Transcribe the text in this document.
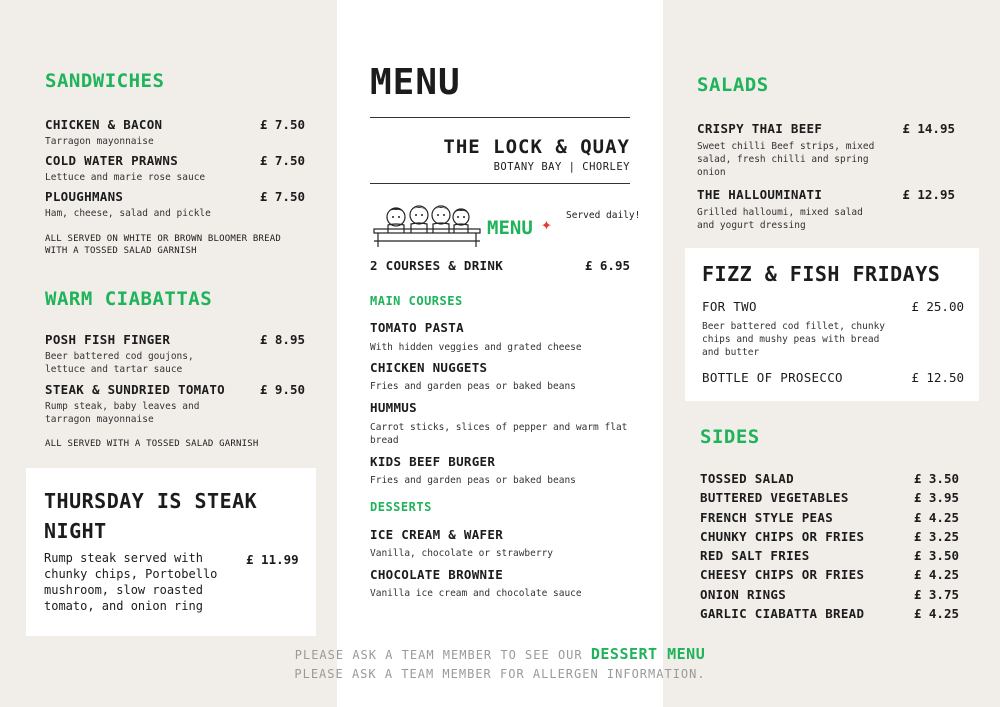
SANDWICHES
CHICKEN & BACON	£ 7.50
Tarragon mayonnaise
COLD WATER PRAWNS	£ 7.50
Lettuce and marie rose sauce
PLOUGHMANS	£ 7.50
Ham, cheese, salad and pickle
ALL SERVED ON WHITE OR BROWN BLOOMER BREAD WITH A TOSSED SALAD GARNISH
WARM CIABATTAS
POSH FISH FINGER	£ 8.95
Beer battered cod goujons, lettuce and tartar sauce
STEAK & SUNDRIED TOMATO	£ 9.50
Rump steak, baby leaves and tarragon mayonnaise
ALL SERVED WITH A TOSSED SALAD GARNISH
THURSDAY IS STEAK NIGHT
Rump steak served with chunky chips, Portobello mushroom, slow roasted tomato, and onion ring
£ 11.99
MENU
THE LOCK & QUAY
BOTANY BAY | CHORLEY
MENU ✦ Served daily!
2 COURSES & DRINK	£ 6.95
MAIN COURSES
TOMATO PASTA
With hidden veggies and grated cheese
CHICKEN NUGGETS
Fries and garden peas or baked beans
HUMMUS
Carrot sticks, slices of pepper and warm flat bread
KIDS BEEF BURGER
Fries and garden peas or baked beans
DESSERTS
ICE CREAM & WAFER
Vanilla, chocolate or strawberry
CHOCOLATE BROWNIE
Vanilla ice cream and chocolate sauce
SALADS
CRISPY THAI BEEF	£ 14.95
Sweet chilli Beef strips, mixed salad, fresh chilli and spring onion
THE HALLOUMINATI	£ 12.95
Grilled halloumi, mixed salad and yogurt dressing
FIZZ & FISH FRIDAYS
FOR TWO	£ 25.00
Beer battered cod fillet, chunky chips and mushy peas with bread and butter
BOTTLE OF PROSECCO	£ 12.50
SIDES
TOSSED SALAD	£ 3.50
BUTTERED VEGETABLES	£ 3.95
FRENCH STYLE PEAS	£ 4.25
CHUNKY CHIPS OR FRIES	£ 3.25
RED SALT FRIES	£ 3.50
CHEESY CHIPS OR FRIES	£ 4.25
ONION RINGS	£ 3.75
GARLIC CIABATTA BREAD	£ 4.25
PLEASE ASK A TEAM MEMBER TO SEE OUR DESSERT MENU
PLEASE ASK A TEAM MEMBER FOR ALLERGEN INFORMATION.
